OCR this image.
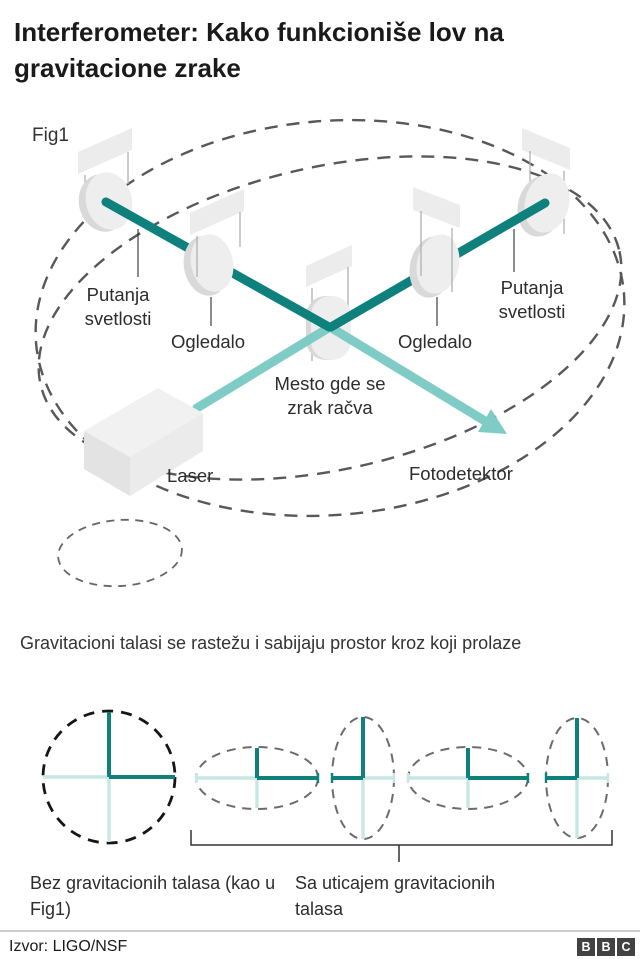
Interferometer: Kako funkcioniše lov na gravitacione zrake
Fig1
Putanja svetlosti
Ogledalo
Mesto gde se zrak račva
Ogledalo
Putanja svetlosti
Laser	Fotodetektor
Gravitacioni talasi se rastežu i sabijaju prostor kroz koji prolaze
Bez gravitacionih talasa (kao u Fig1)
Sa uticajem gravitacionih talasa
Izvor: LIGO/NSF	B B C
